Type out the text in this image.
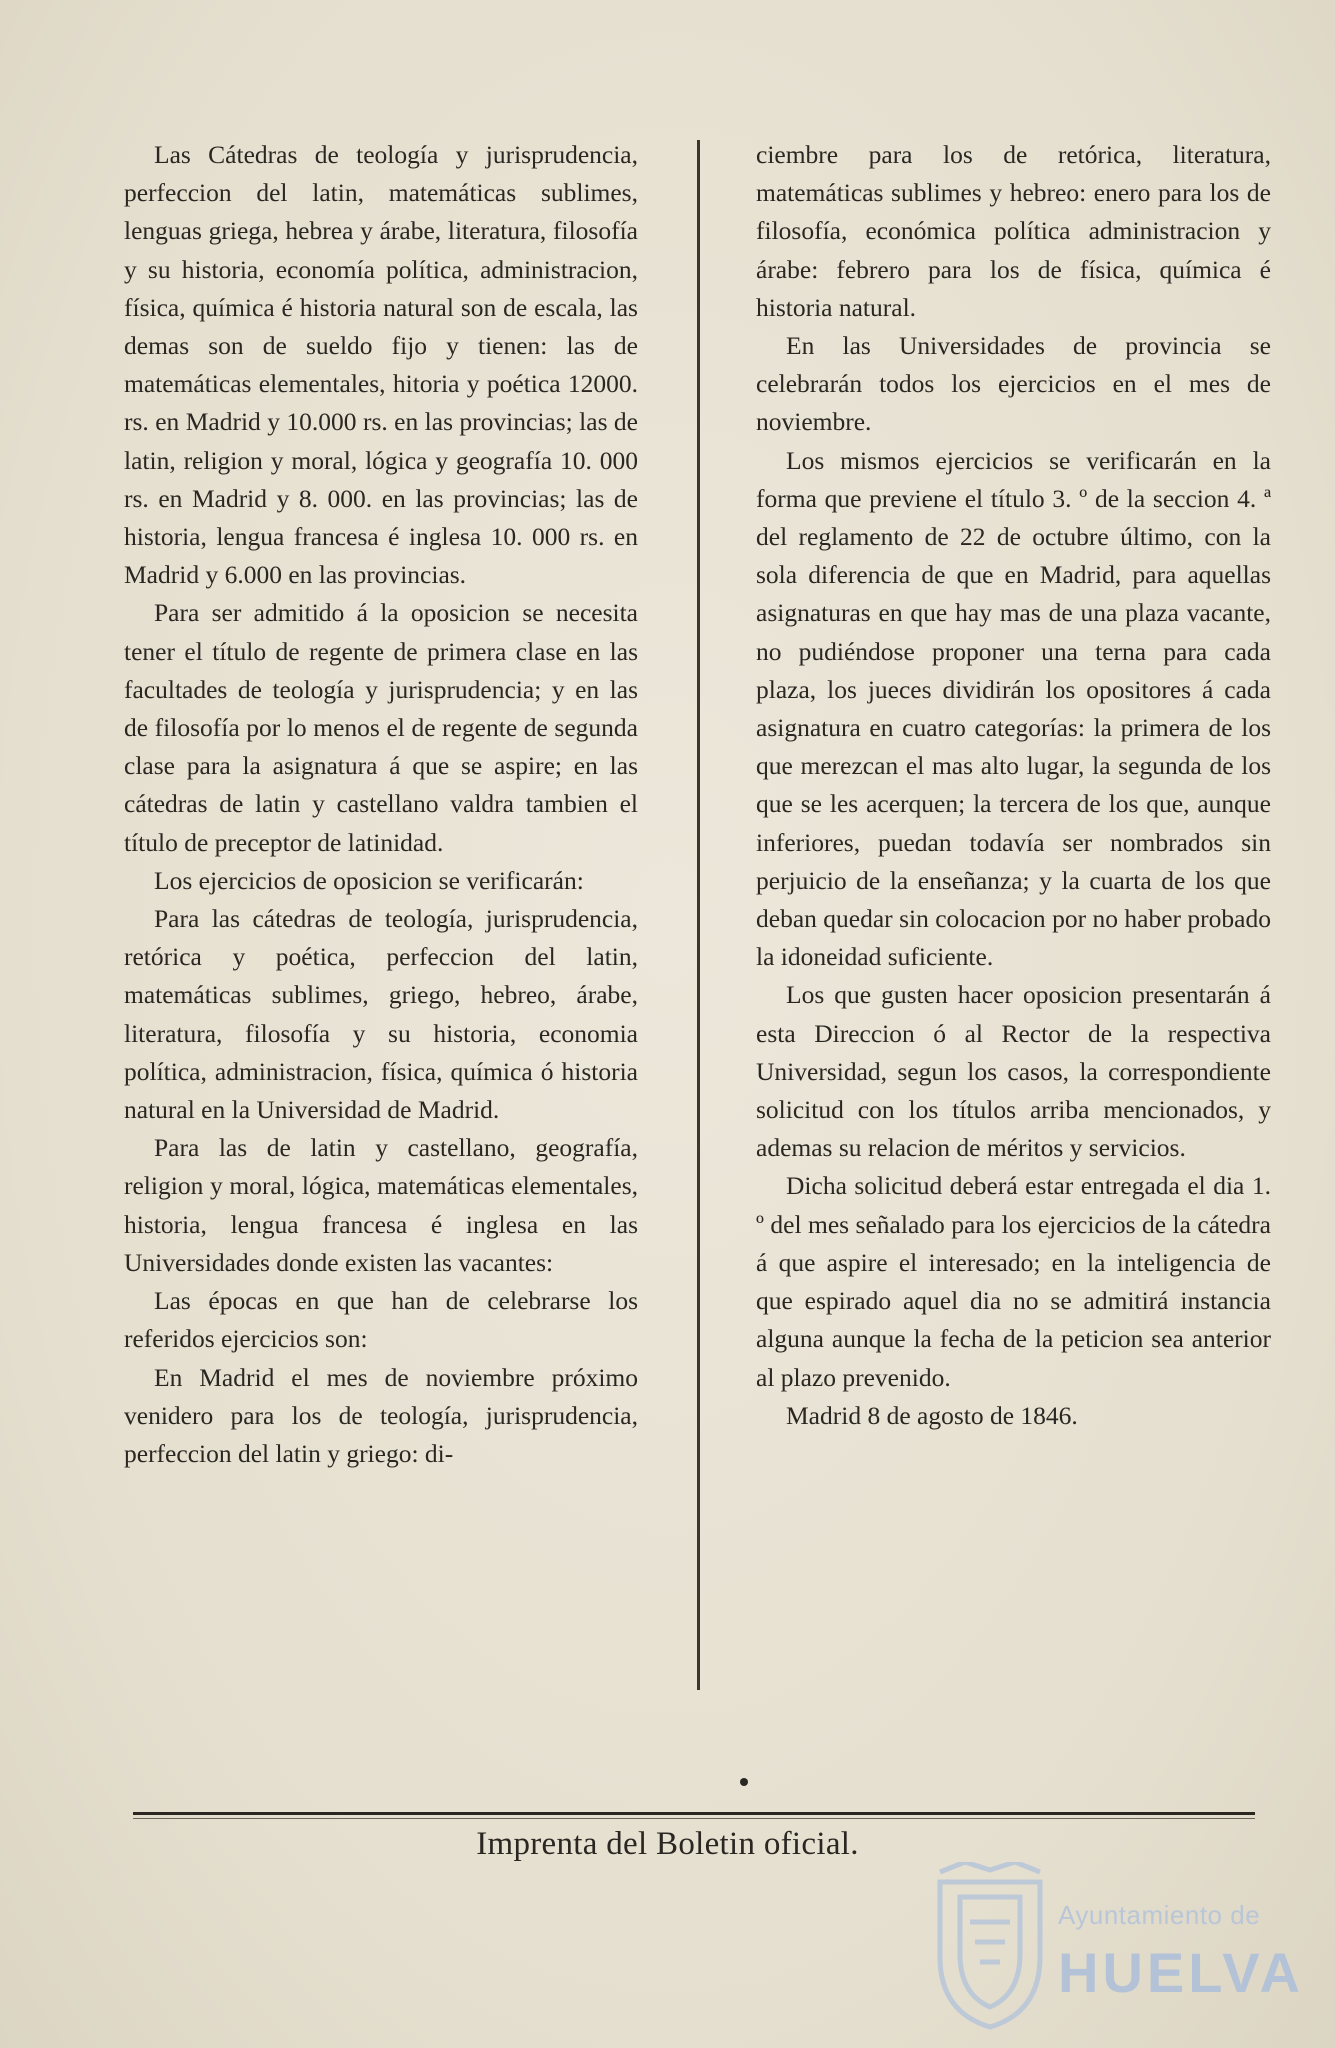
Las Cátedras de teología y jurisprudencia, perfeccion del latin, matemáticas sublimes, lenguas griega, hebrea y árabe, literatura, filosofía y su historia, economía política, administracion, física, química é historia natural son de escala, las demas son de sueldo fijo y tienen: las de matemáticas elementales, hitoria y poética 12000. rs. en Madrid y 10.000 rs. en las provincias; las de latin, religion y moral, lógica y geografía 10. 000 rs. en Madrid y 8. 000. en las provincias; las de historia, lengua francesa é inglesa 10. 000 rs. en Madrid y 6.000 en las provincias.

Para ser admitido á la oposicion se necesita tener el título de regente de primera clase en las facultades de teología y jurisprudencia; y en las de filosofía por lo menos el de regente de segunda clase para la asignatura á que se aspire; en las cátedras de latin y castellano valdra tambien el título de preceptor de latinidad.

Los ejercicios de oposicion se verificarán:

Para las cátedras de teología, jurisprudencia, retórica y poética, perfeccion del latin, matemáticas sublimes, griego, hebreo, árabe, literatura, filosofía y su historia, economia política, administracion, física, química ó historia natural en la Universidad de Madrid.

Para las de latin y castellano, geografía, religion y moral, lógica, matemáticas elementales, historia, lengua francesa é inglesa en las Universidades donde existen las vacantes:

Las épocas en que han de celebrarse los referidos ejercicios son:

En Madrid el mes de noviembre próximo venidero para los de teología, jurisprudencia, perfeccion del latin y griego: di-

ciembre para los de retórica, literatura, matemáticas sublimes y hebreo: enero para los de filosofía, económica política administracion y árabe: febrero para los de física, química é historia natural.

En las Universidades de provincia se celebrarán todos los ejercicios en el mes de noviembre.

Los mismos ejercicios se verificarán en la forma que previene el título 3. º de la seccion 4. ª del reglamento de 22 de octubre último, con la sola diferencia de que en Madrid, para aquellas asignaturas en que hay mas de una plaza vacante, no pudiéndose proponer una terna para cada plaza, los jueces dividirán los opositores á cada asignatura en cuatro categorías: la primera de los que merezcan el mas alto lugar, la segunda de los que se les acerquen; la tercera de los que, aunque inferiores, puedan todavía ser nombrados sin perjuicio de la enseñanza; y la cuarta de los que deban quedar sin colocacion por no haber probado la idoneidad suficiente.

Los que gusten hacer oposicion presentarán á esta Direccion ó al Rector de la respectiva Universidad, segun los casos, la correspondiente solicitud con los títulos arriba mencionados, y ademas su relacion de méritos y servicios.

Dicha solicitud deberá estar entregada el dia 1. º del mes señalado para los ejercicios de la cátedra á que aspire el interesado; en la inteligencia de que espirado aquel dia no se admitirá instancia alguna aunque la fecha de la peticion sea anterior al plazo prevenido.

Madrid 8 de agosto de 1846.

Imprenta del Boletin oficial.
Ayuntamiento de
HUELVA
